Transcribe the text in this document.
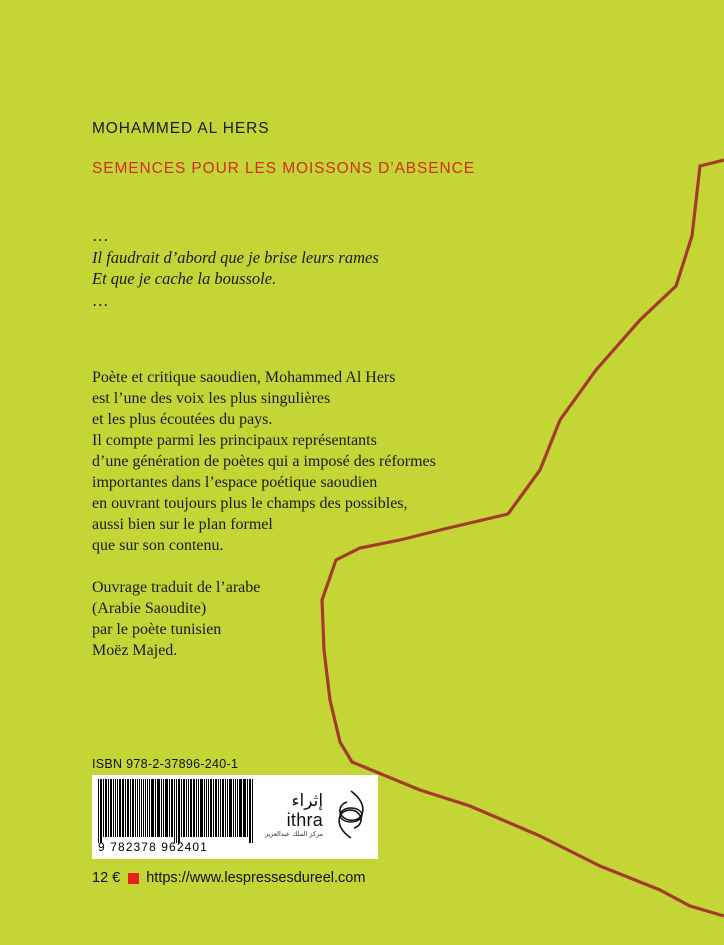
MOHAMMED AL HERS

SEMENCES POUR LES MOISSONS D’ABSENCE

…
Il faudrait d’abord que je brise leurs rames
Et que je cache la boussole.
…

Poète et critique saoudien, Mohammed Al Hers

est l’une des voix les plus singulières

et les plus écoutées du pays.

Il compte parmi les principaux représentants

d’une génération de poètes qui a imposé des réformes

importantes dans l’espace poétique saoudien

en ouvrant toujours plus le champs des possibles,

aussi bien sur le plan formel

que sur son contenu.

Ouvrage traduit de l’arabe

(Arabie Saoudite)

par le poète tunisien

Moëz Majed.

ISBN 978-2-37896-240-1

9 782378 962401
إثراء
ithra
مركز الملك عبدالعزيز
12 € https://www.lespressesdureel.com
